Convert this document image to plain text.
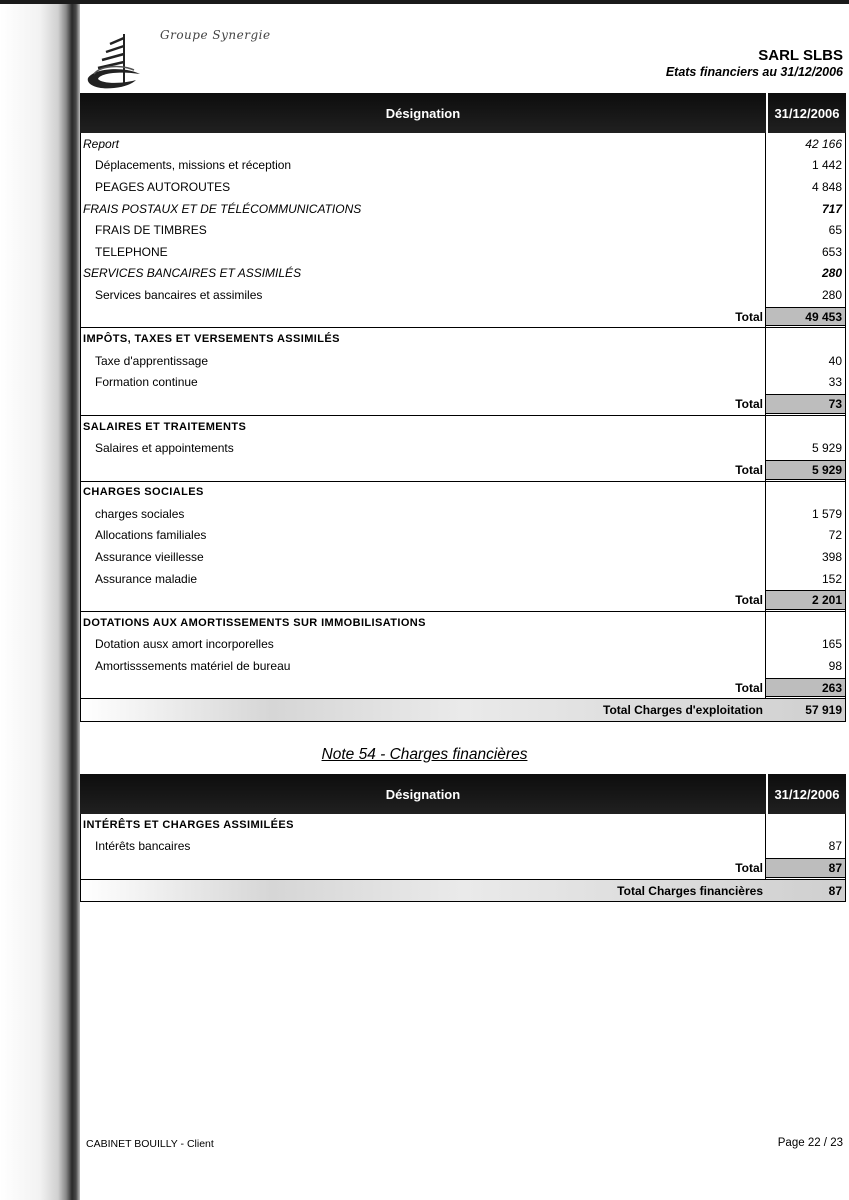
Groupe Synergie
SARL SLBS
Etats financiers au 31/12/2006
Désignation	31/12/2006
Report	42 166
Déplacements, missions et réception	1 442
PEAGES AUTOROUTES	4 848
FRAIS POSTAUX ET DE TÉLÉCOMMUNICATIONS	717
FRAIS DE TIMBRES	65
TELEPHONE	653
SERVICES BANCAIRES ET ASSIMILÉS	280
Services bancaires et assimiles	280
Total	49 453
IMPÔTS, TAXES ET VERSEMENTS ASSIMILÉS
Taxe d'apprentissage	40
Formation continue	33
Total	73
SALAIRES ET TRAITEMENTS
Salaires et appointements	5 929
Total	5 929
CHARGES SOCIALES
charges sociales	1 579
Allocations familiales	72
Assurance vieillesse	398
Assurance maladie	152
Total	2 201
DOTATIONS AUX AMORTISSEMENTS SUR IMMOBILISATIONS
Dotation ausx amort incorporelles	165
Amortisssements matériel de bureau	98
Total	263
Total Charges d'exploitation	57 919
Note 54 - Charges financières
Désignation	31/12/2006
INTÉRÊTS ET CHARGES ASSIMILÉES
Intérêts bancaires	87
Total	87
Total Charges financières	87
CABINET BOUILLY - Client	Page 22 / 23
